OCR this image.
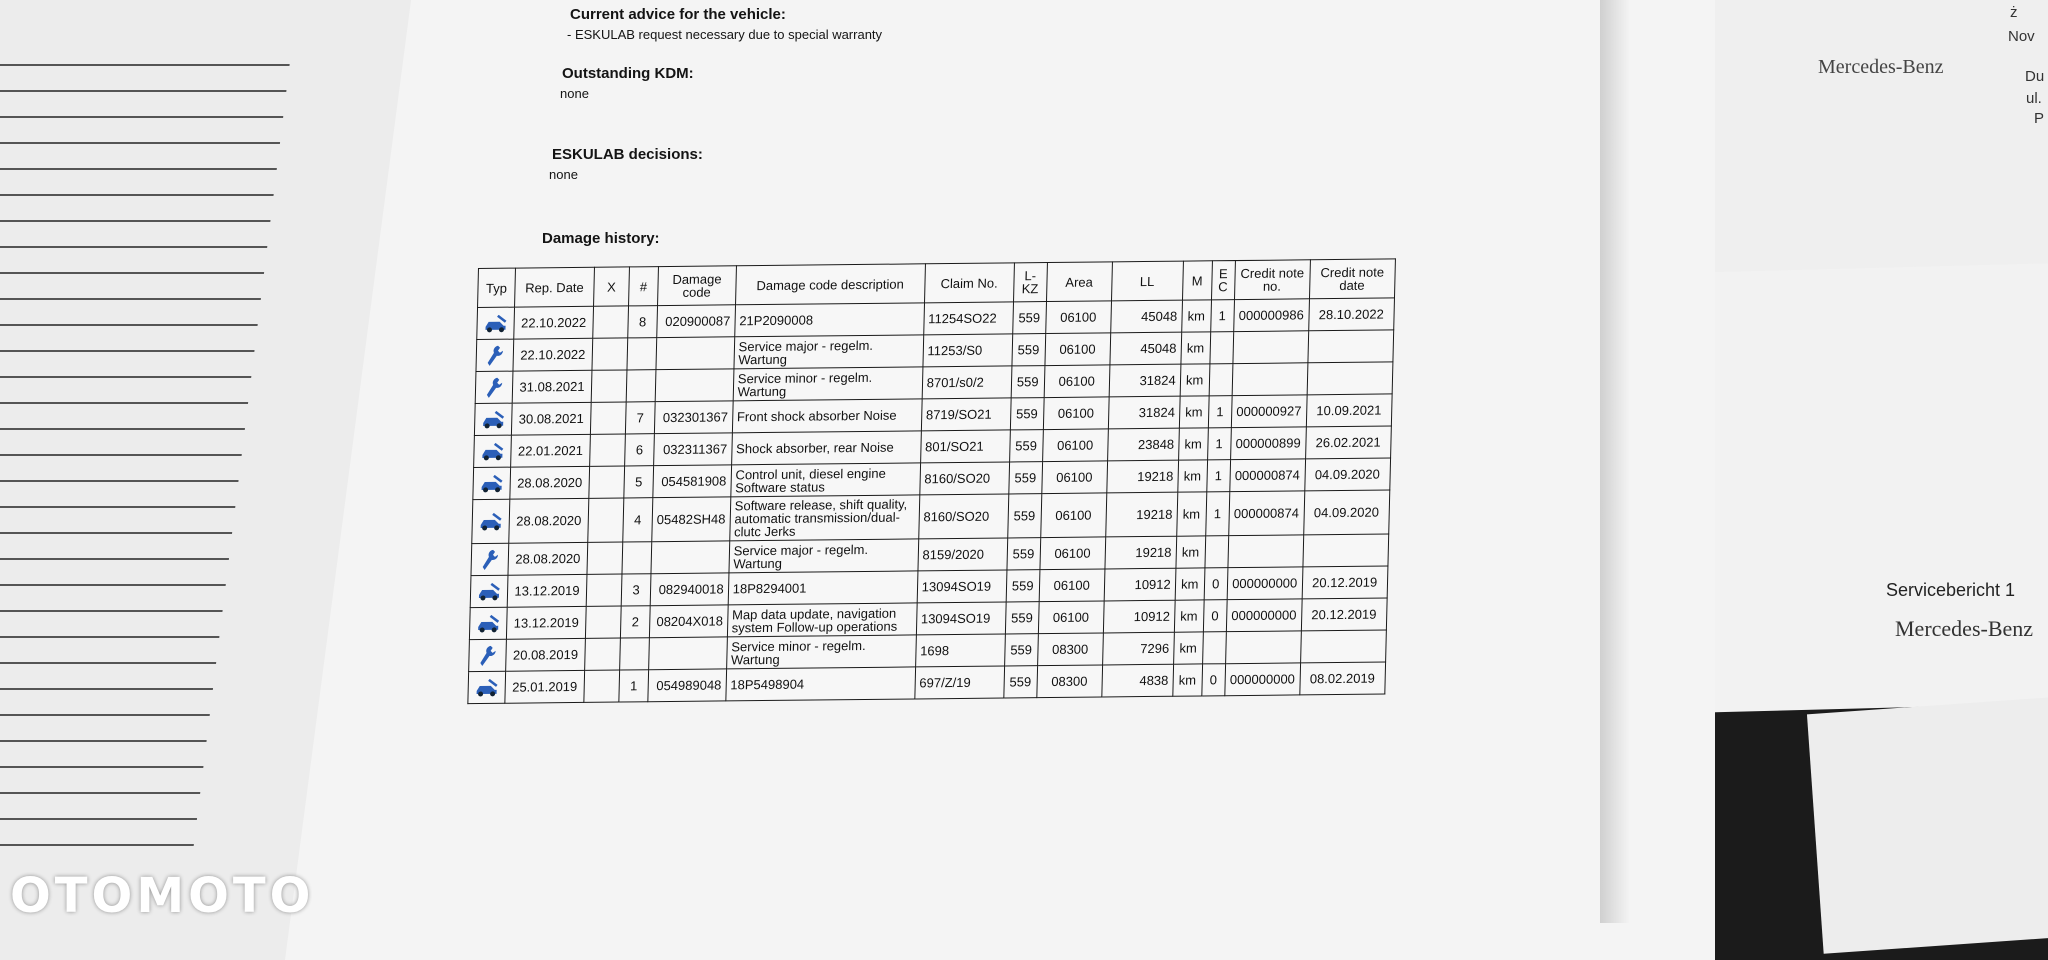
Current advice for the vehicle:
- ESKULAB request necessary due to special warranty
Outstanding KDM:
none
ESKULAB decisions:
none
Damage history:
Typ	Rep. Date	X	#	Damage code	Damage code description	Claim No.	L-KZ	Area	LL	M	E C	Credit note no.	Credit note date

	22.10.2022		8	020900087	21P2090008	11254SO22	559	06100	45048	km	1	000000986	28.10.2022

	22.10.2022				Service major - regelm. Wartung	11253/S0	559	06100	45048	km			

	31.08.2021				Service minor - regelm. Wartung	8701/s0/2	559	06100	31824	km			

	30.08.2021		7	032301367	Front shock absorber Noise	8719/SO21	559	06100	31824	km	1	000000927	10.09.2021

	22.01.2021		6	032311367	Shock absorber, rear Noise	801/SO21	559	06100	23848	km	1	000000899	26.02.2021

	28.08.2020		5	054581908	Control unit, diesel engine Software status	8160/SO20	559	06100	19218	km	1	000000874	04.09.2020

	28.08.2020		4	05482SH48	Software release, shift quality, automatic transmission/dual-clutc Jerks	8160/SO20	559	06100	19218	km	1	000000874	04.09.2020

	28.08.2020				Service major - regelm. Wartung	8159/2020	559	06100	19218	km			

	13.12.2019		3	082940018	18P8294001	13094SO19	559	06100	10912	km	0	000000000	20.12.2019

	13.12.2019		2	08204X018	Map data update, navigation system Follow-up operations	13094SO19	559	06100	10912	km	0	000000000	20.12.2019

	20.08.2019				Service minor - regelm. Wartung	1698	559	08300	7296	km			

	25.01.2019		1	054989048	18P5498904	697/Z/19	559	08300	4838	km	0	000000000	08.02.2019
Mercedes-Benz
Servicebericht 1
Mercedes-Benz
ż
Nov
Du
ul.
P
OTOMOTO
